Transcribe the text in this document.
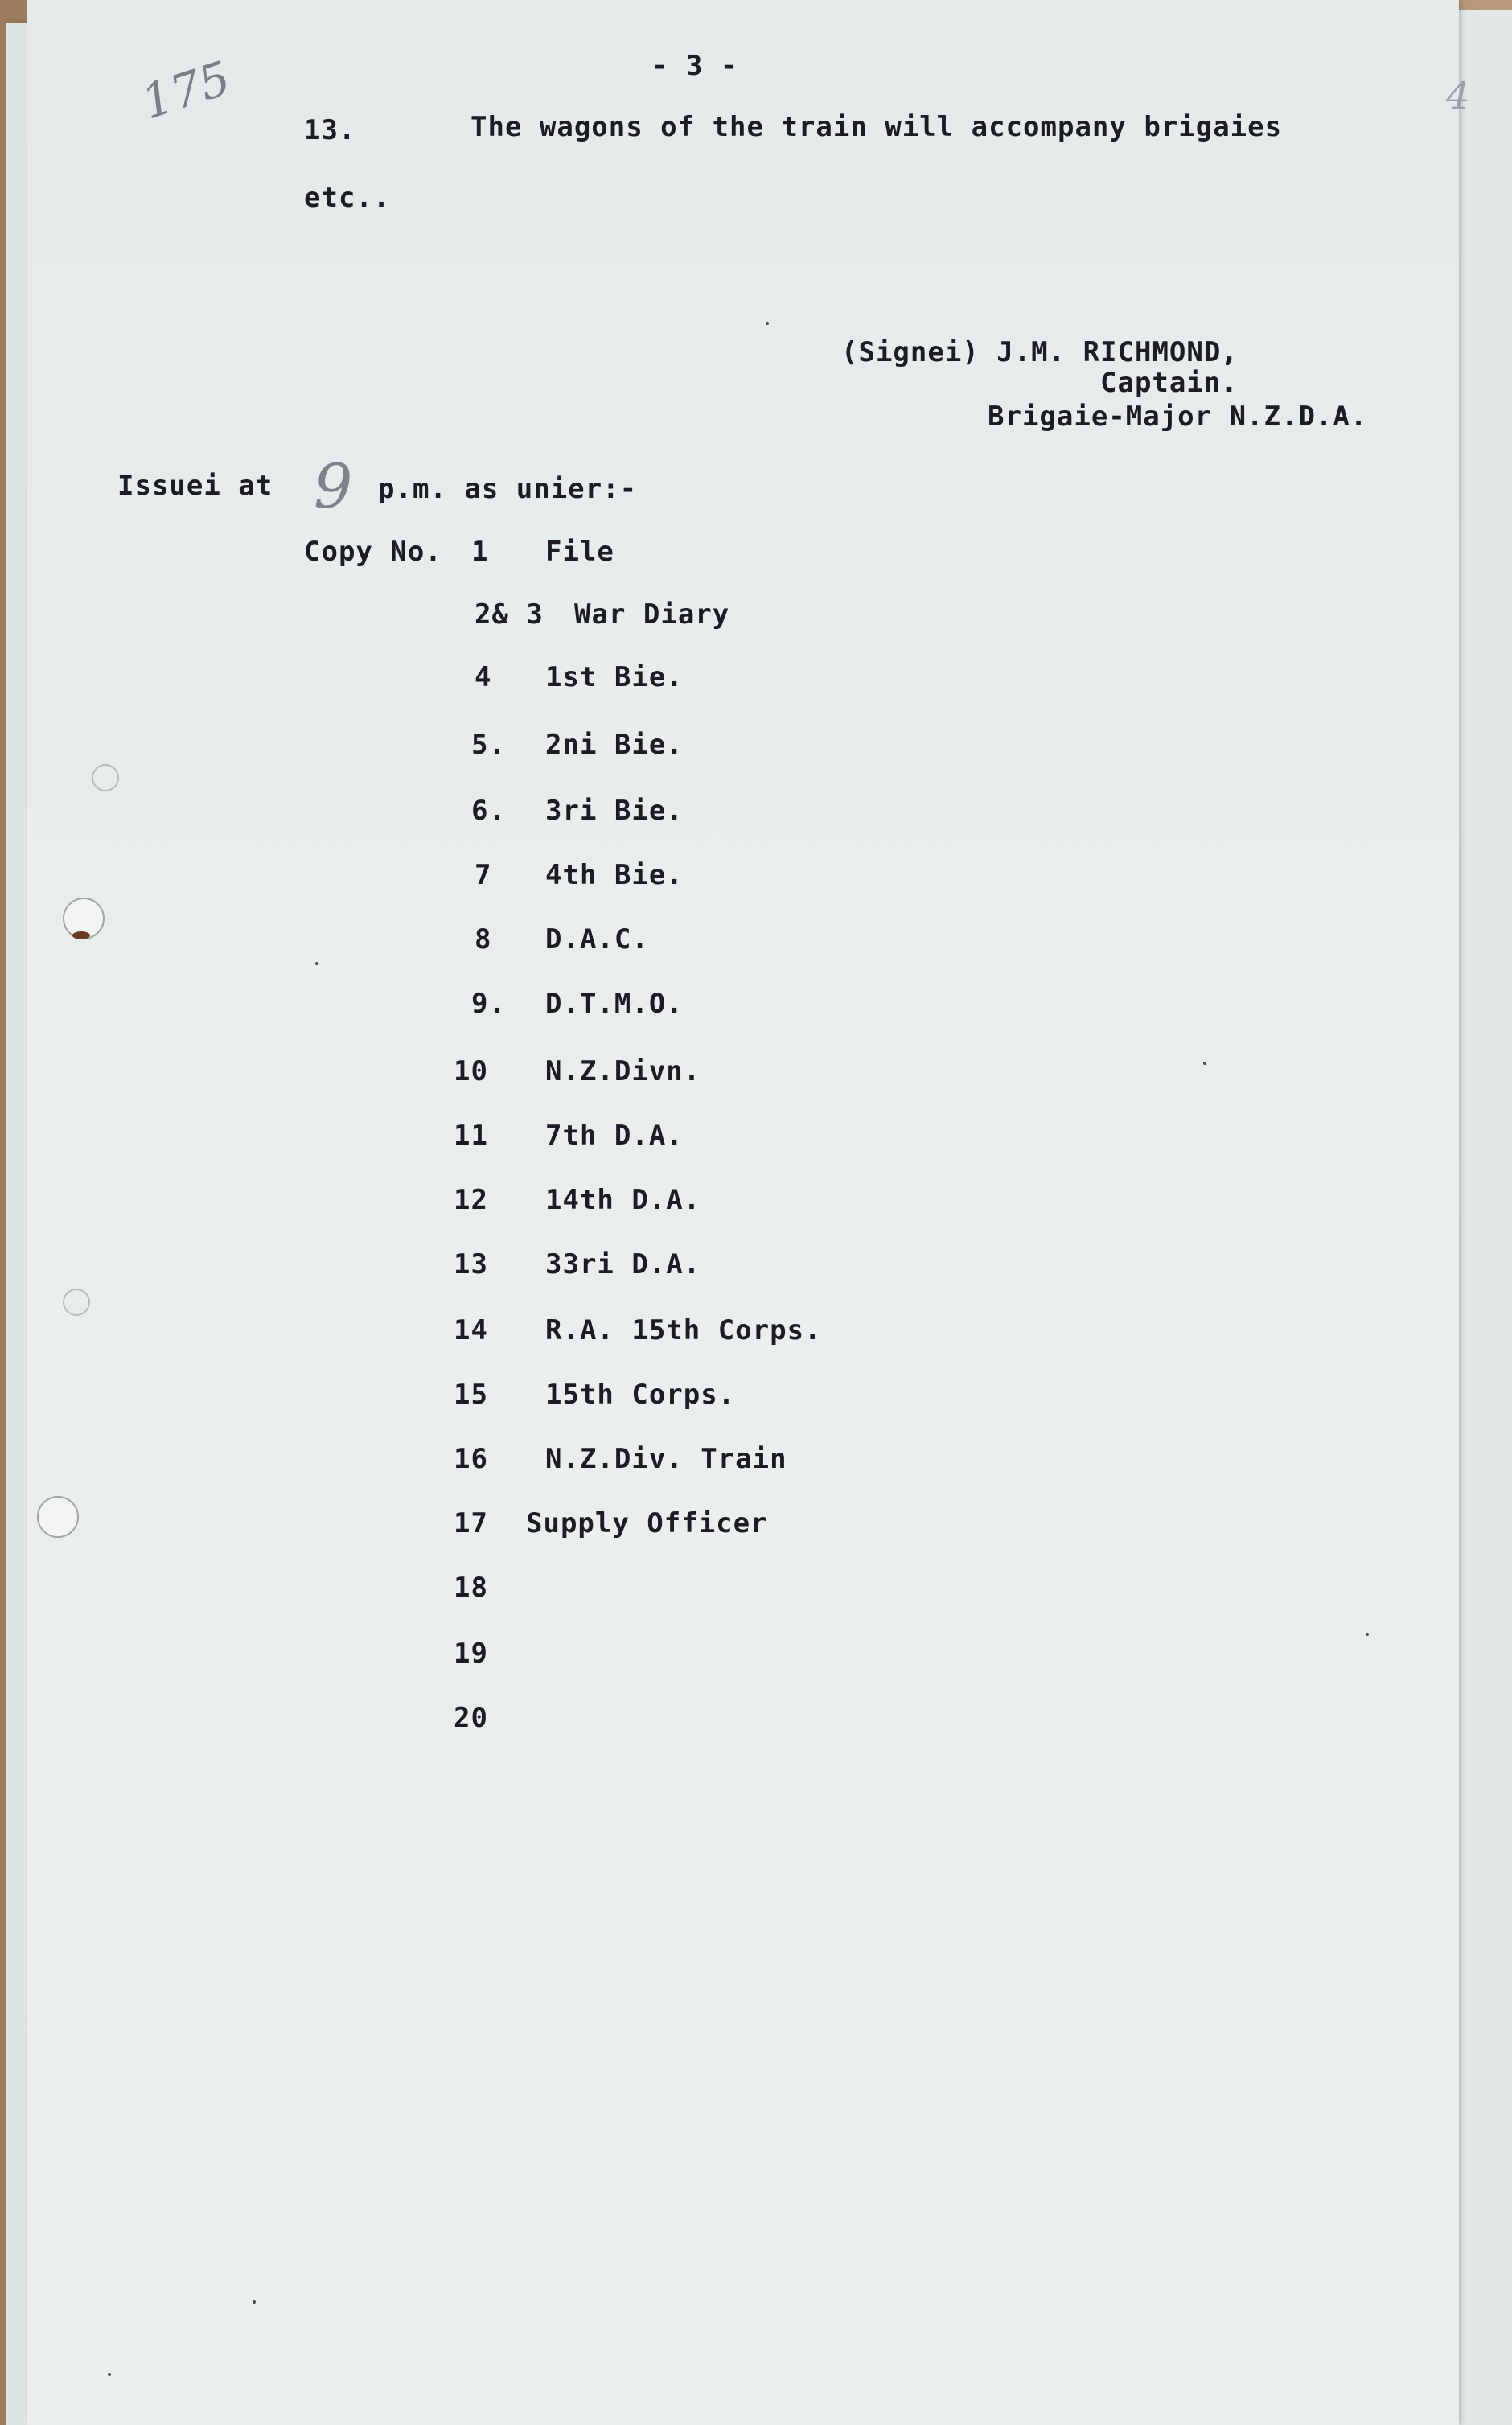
175	4
- 3 -
13.	The wagons of the train will accompany brigaies
etc..
(Signei) J.M. RICHMOND,
Captain.
Brigaie-Major N.Z.D.A.
Issuei at 9 p.m. as unier:-
Copy No. 1 File
2& 3 War Diary
4 1st Bie.
5. 2ni Bie.
6. 3ri Bie.
7 4th Bie.
8 D.A.C.
9. D.T.M.O.
10 N.Z.Divn.
11 7th D.A.
12 14th D.A.
13 33ri D.A.
14 R.A. 15th Corps.
15 15th Corps.
16 N.Z.Div. Train
17 Supply Officer
18
19
20
